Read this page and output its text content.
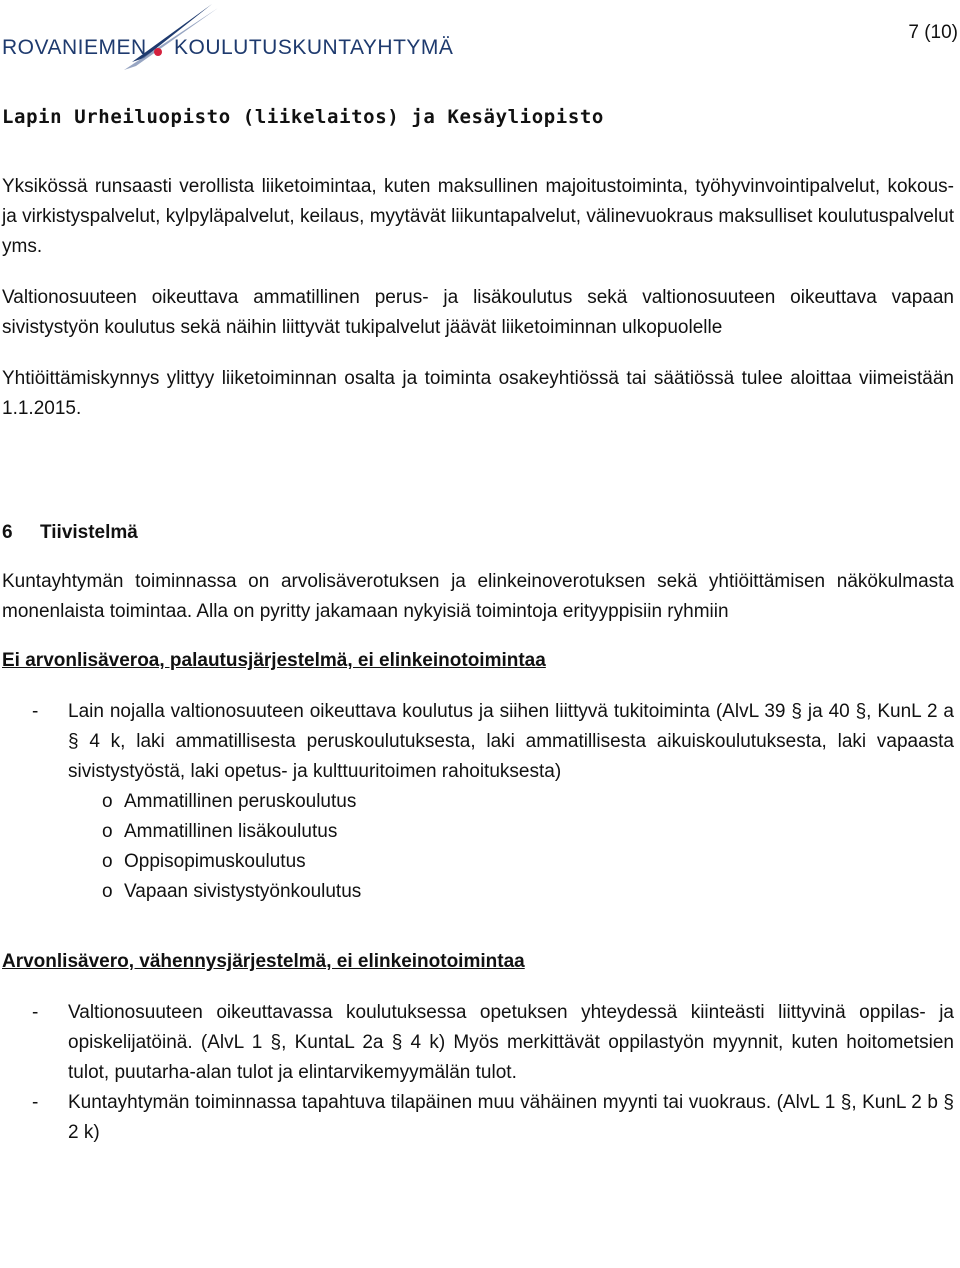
ROVANIEMEN KOULUTUSKUNTAYHTYMÄ
7 (10)
Lapin Urheiluopisto (liikelaitos) ja Kesäyliopisto

Yksikössä runsaasti verollista liiketoimintaa, kuten maksullinen majoitustoiminta, työhyvinvointipalvelut, kokous- ja virkistyspalvelut, kylpyläpalvelut, keilaus, myytävät liikuntapalvelut, välinevuokraus maksulliset koulutuspalvelut yms.

Valtionosuuteen oikeuttava ammatillinen perus- ja lisäkoulutus sekä valtionosuuteen oikeuttava vapaan sivistystyön koulutus sekä näihin liittyvät tukipalvelut jäävät liiketoiminnan ulkopuolelle

Yhtiöittämiskynnys ylittyy liiketoiminnan osalta ja toiminta osakeyhtiössä tai säätiössä tulee aloittaa viimeistään 1.1.2015.

6	Tiivistelmä

Kuntayhtymän toiminnassa on arvolisäverotuksen ja elinkeinoverotuksen sekä yhtiöittämisen näkökulmasta monenlaista toimintaa. Alla on pyritty jakamaan nykyisiä toimintoja erityyppisiin ryhmiin

Ei arvonlisäveroa, palautusjärjestelmä, ei elinkeinotoimintaa
-	Lain nojalla valtionosuuteen oikeuttava koulutus ja siihen liittyvä tukitoiminta (AlvL 39 § ja 40 §, KunL 2 a § 4 k, laki ammatillisesta peruskoulutuksesta, laki ammatillisesta aikuiskoulutuksesta, laki vapaasta sivistystyöstä, laki opetus- ja kulttuuritoimen rahoituksesta)
o Ammatillinen peruskoulutus
o Ammatillinen lisäkoulutus
o Oppisopimuskoulutus
o Vapaan sivistystyönkoulutus
Arvonlisävero, vähennysjärjestelmä, ei elinkeinotoimintaa
-	Valtionosuuteen oikeuttavassa koulutuksessa opetuksen yhteydessä kiinteästi liittyvinä oppilas- ja opiskelijatöinä. (AlvL 1 §, KuntaL 2a § 4 k) Myös merkittävät oppilastyön myynnit, kuten hoitometsien tulot, puutarha-alan tulot ja elintarvikemyymälän tulot.
-	Kuntayhtymän toiminnassa tapahtuva tilapäinen muu vähäinen myynti tai vuokraus. (AlvL 1 §, KunL 2 b § 2 k)
